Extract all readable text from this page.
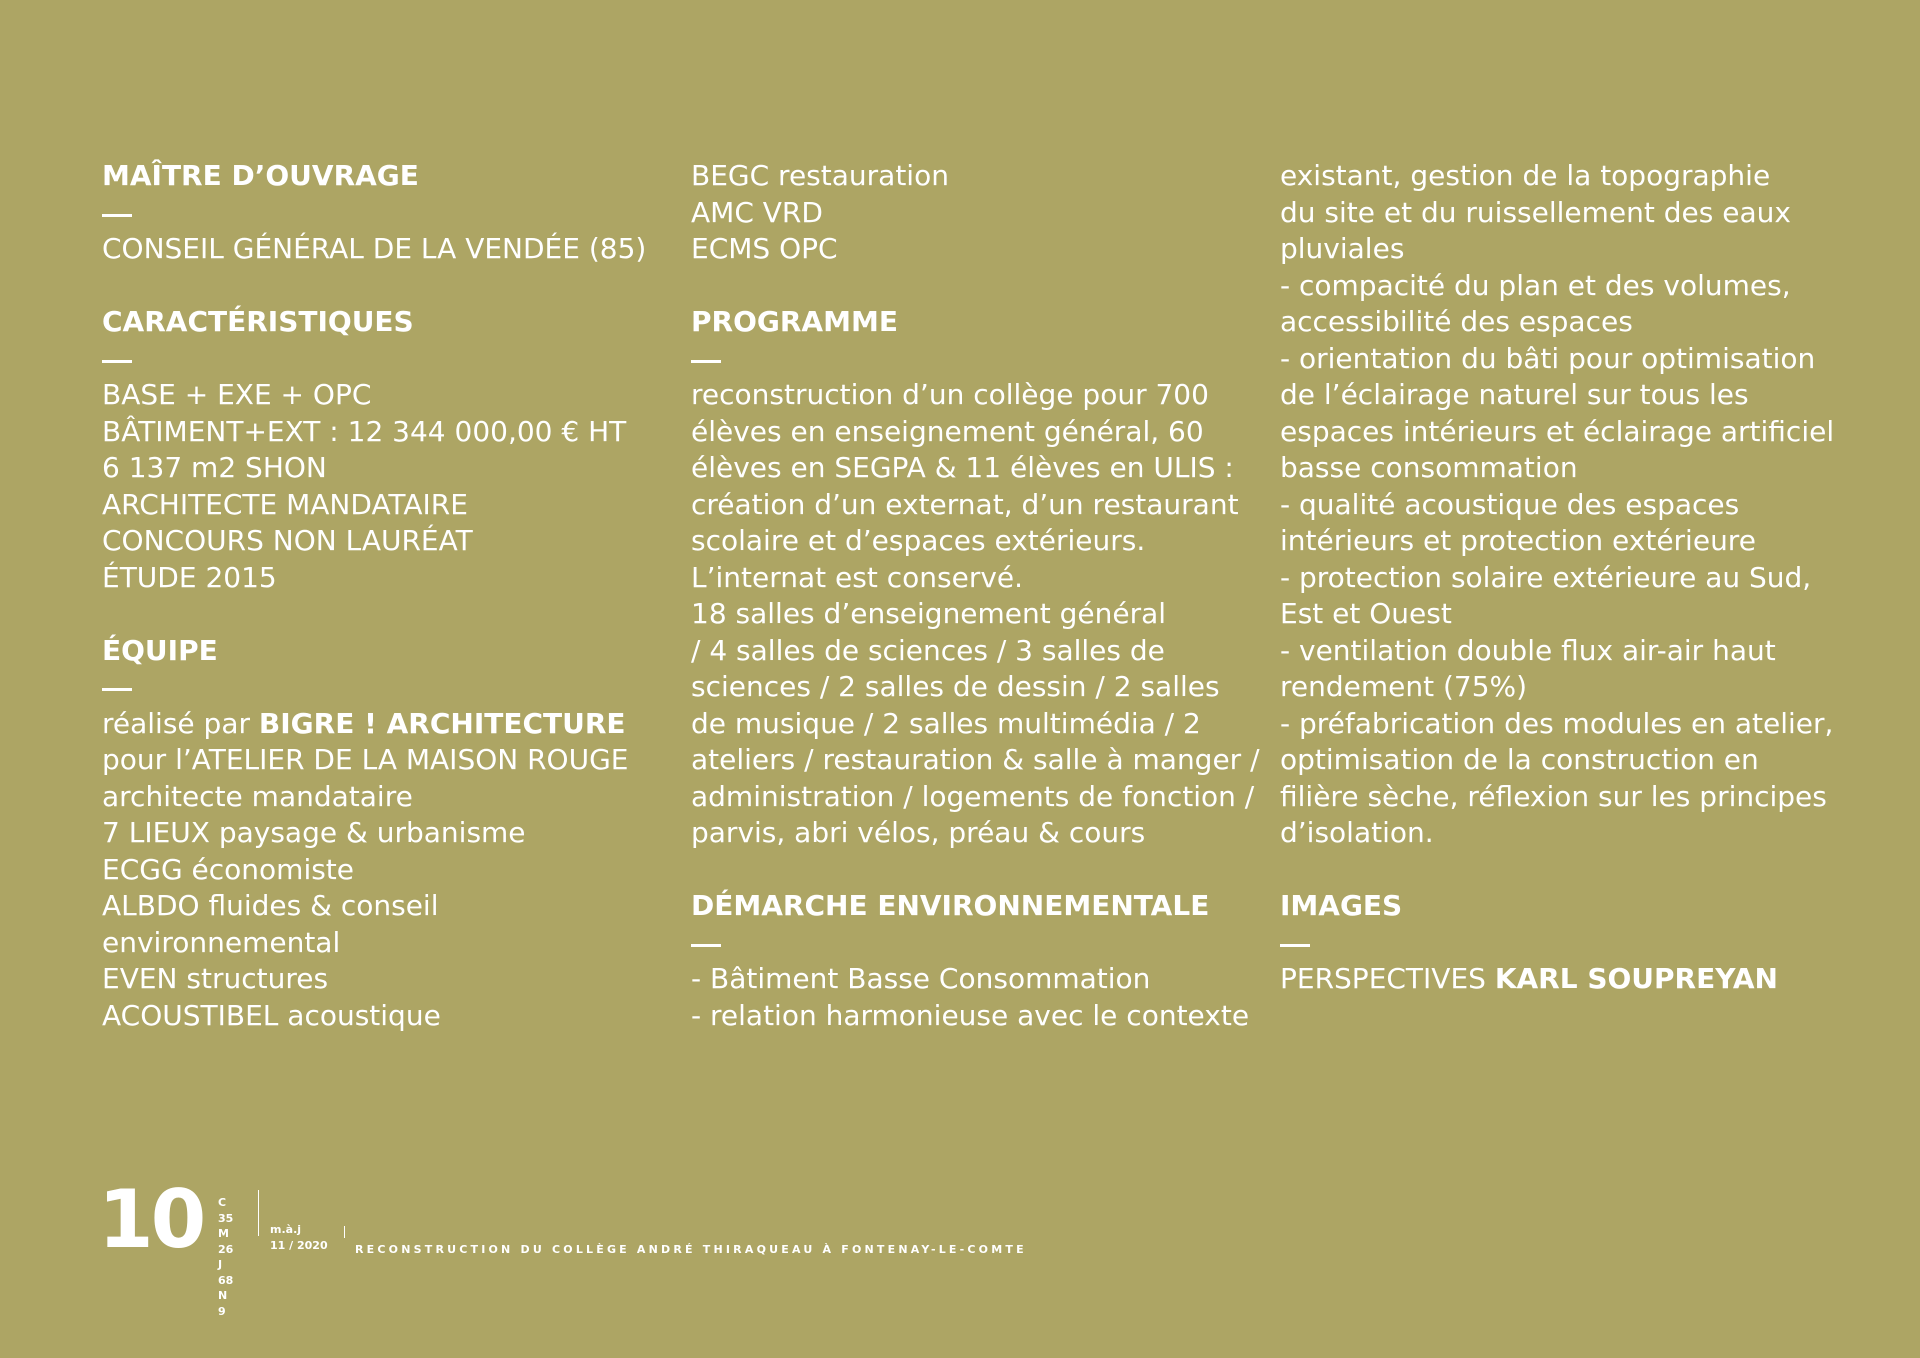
MAÎTRE D’OUVRAGE
CONSEIL GÉNÉRAL DE LA VENDÉE (85)
CARACTÉRISTIQUES
BASE + EXE + OPC
BÂTIMENT+EXT : 12 344 000,00 € HT
6 137 m2 SHON
ARCHITECTE MANDATAIRE
CONCOURS NON LAURÉAT
ÉTUDE 2015
ÉQUIPE
réalisé par BIGRE ! ARCHITECTURE
pour l’ATELIER DE LA MAISON ROUGE
architecte mandataire
7 LIEUX paysage & urbanisme
ECGG économiste
ALBDO fluides & conseil
environnemental
EVEN structures
ACOUSTIBEL acoustique
BEGC restauration
AMC VRD
ECMS OPC
PROGRAMME
reconstruction d’un collège pour 700
élèves en enseignement général, 60
élèves en SEGPA & 11 élèves en ULIS :
création d’un externat, d’un restaurant
scolaire et d’espaces extérieurs.
L’internat est conservé.
18 salles d’enseignement général
/ 4 salles de sciences / 3 salles de
sciences / 2 salles de dessin / 2 salles
de musique / 2 salles multimédia / 2
ateliers / restauration & salle à manger /
administration / logements de fonction /
parvis, abri vélos, préau & cours
DÉMARCHE ENVIRONNEMENTALE
- Bâtiment Basse Consommation
- relation harmonieuse avec le contexte
existant, gestion de la topographie
du site et du ruissellement des eaux
pluviales
- compacité du plan et des volumes,
accessibilité des espaces
- orientation du bâti pour optimisation
de l’éclairage naturel sur tous les
espaces intérieurs et éclairage artificiel
basse consommation
- qualité acoustique des espaces
intérieurs et protection extérieure
- protection solaire extérieure au Sud,
Est et Ouest
- ventilation double flux air-air haut
rendement (75%)
- préfabrication des modules en atelier,
optimisation de la construction en
filière sèche, réflexion sur les principes
d’isolation.
IMAGES
PERSPECTIVES KARL SOUPREYAN
10 C 35
M 26
J 68
N 9
m.à.j
11 / 2020 RECONSTRUCTION DU COLLÈGE ANDRÉ THIRAQUEAU À FONTENAY-LE-COMTE
